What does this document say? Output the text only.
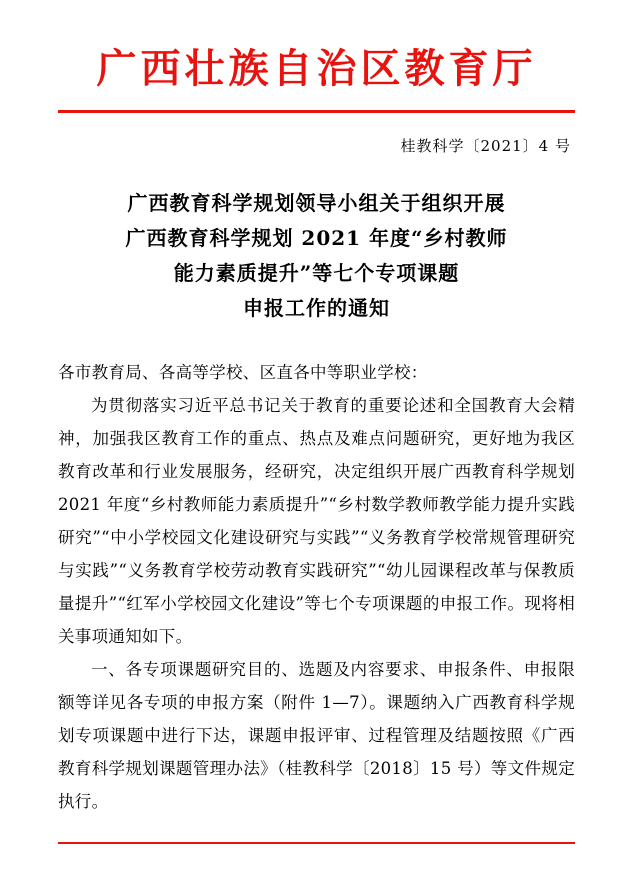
广西壮族自治区教育厅
桂教科学〔2021〕4 号
广西教育科学规划领导小组关于组织开展
广西教育科学规划 2021 年度“乡村教师
能力素质提升”等七个专项课题
申报工作的通知

各市教育局、各高等学校、区直各中等职业学校：

为贯彻落实习近平总书记关于教育的重要论述和全国教育大会精神，加强我区教育工作的重点、热点及难点问题研究，更好地为我区教育改革和行业发展服务，经研究，决定组织开展广西教育科学规划 2021 年度“乡村教师能力素质提升”“乡村数学教师教学能力提升实践研究”“中小学校园文化建设研究与实践”“义务教育学校常规管理研究与实践”“义务教育学校劳动教育实践研究”“幼儿园课程改革与保教质量提升”“红军小学校园文化建设”等七个专项课题的申报工作。现将相关事项通知如下。

一、各专项课题研究目的、选题及内容要求、申报条件、申报限额等详见各专项的申报方案（附件 1—7）。课题纳入广西教育科学规划专项课题中进行下达，课题申报评审、过程管理及结题按照《广西教育科学规划课题管理办法》（桂教科学〔2018〕15 号）等文件规定执行。
